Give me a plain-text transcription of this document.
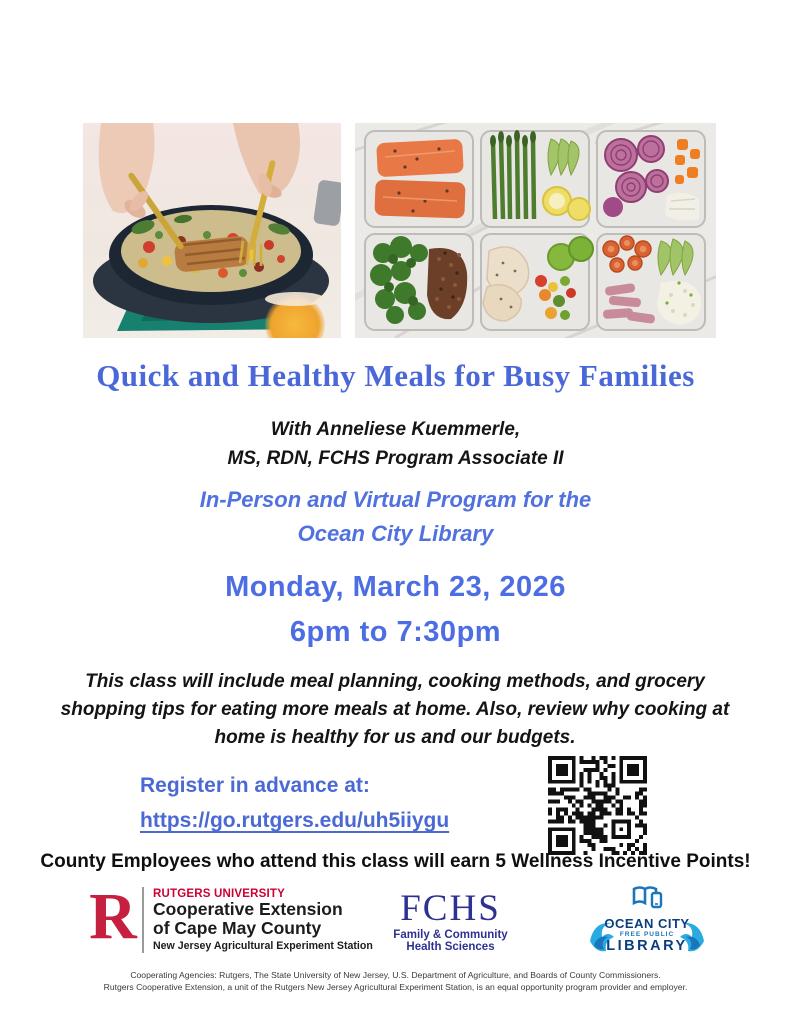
Quick and Healthy Meals for Busy Families
With Anneliese Kuemmerle,
MS, RDN, FCHS Program Associate II
In-Person and Virtual Program for the
Ocean City Library
Monday, March 23, 2026
6pm to 7:30pm
This class will include meal planning, cooking methods, and grocery shopping tips for eating more meals at home. Also, review why cooking at home is healthy for us and our budgets.
Register in advance at:
https://go.rutgers.edu/uh5iiygu
County Employees who attend this class will earn 5 Wellness Incentive Points!
R RUTGERS UNIVERSITY
Cooperative Extension
of Cape May County
New Jersey Agricultural Experiment Station
FCHS
Family & Community
Health Sciences
OCEAN CITY
FREE PUBLIC
LIBRARY
Cooperating Agencies: Rutgers, The State University of New Jersey, U.S. Department of Agriculture, and Boards of County Commissioners.
Rutgers Cooperative Extension, a unit of the Rutgers New Jersey Agricultural Experiment Station, is an equal opportunity program provider and employer.
